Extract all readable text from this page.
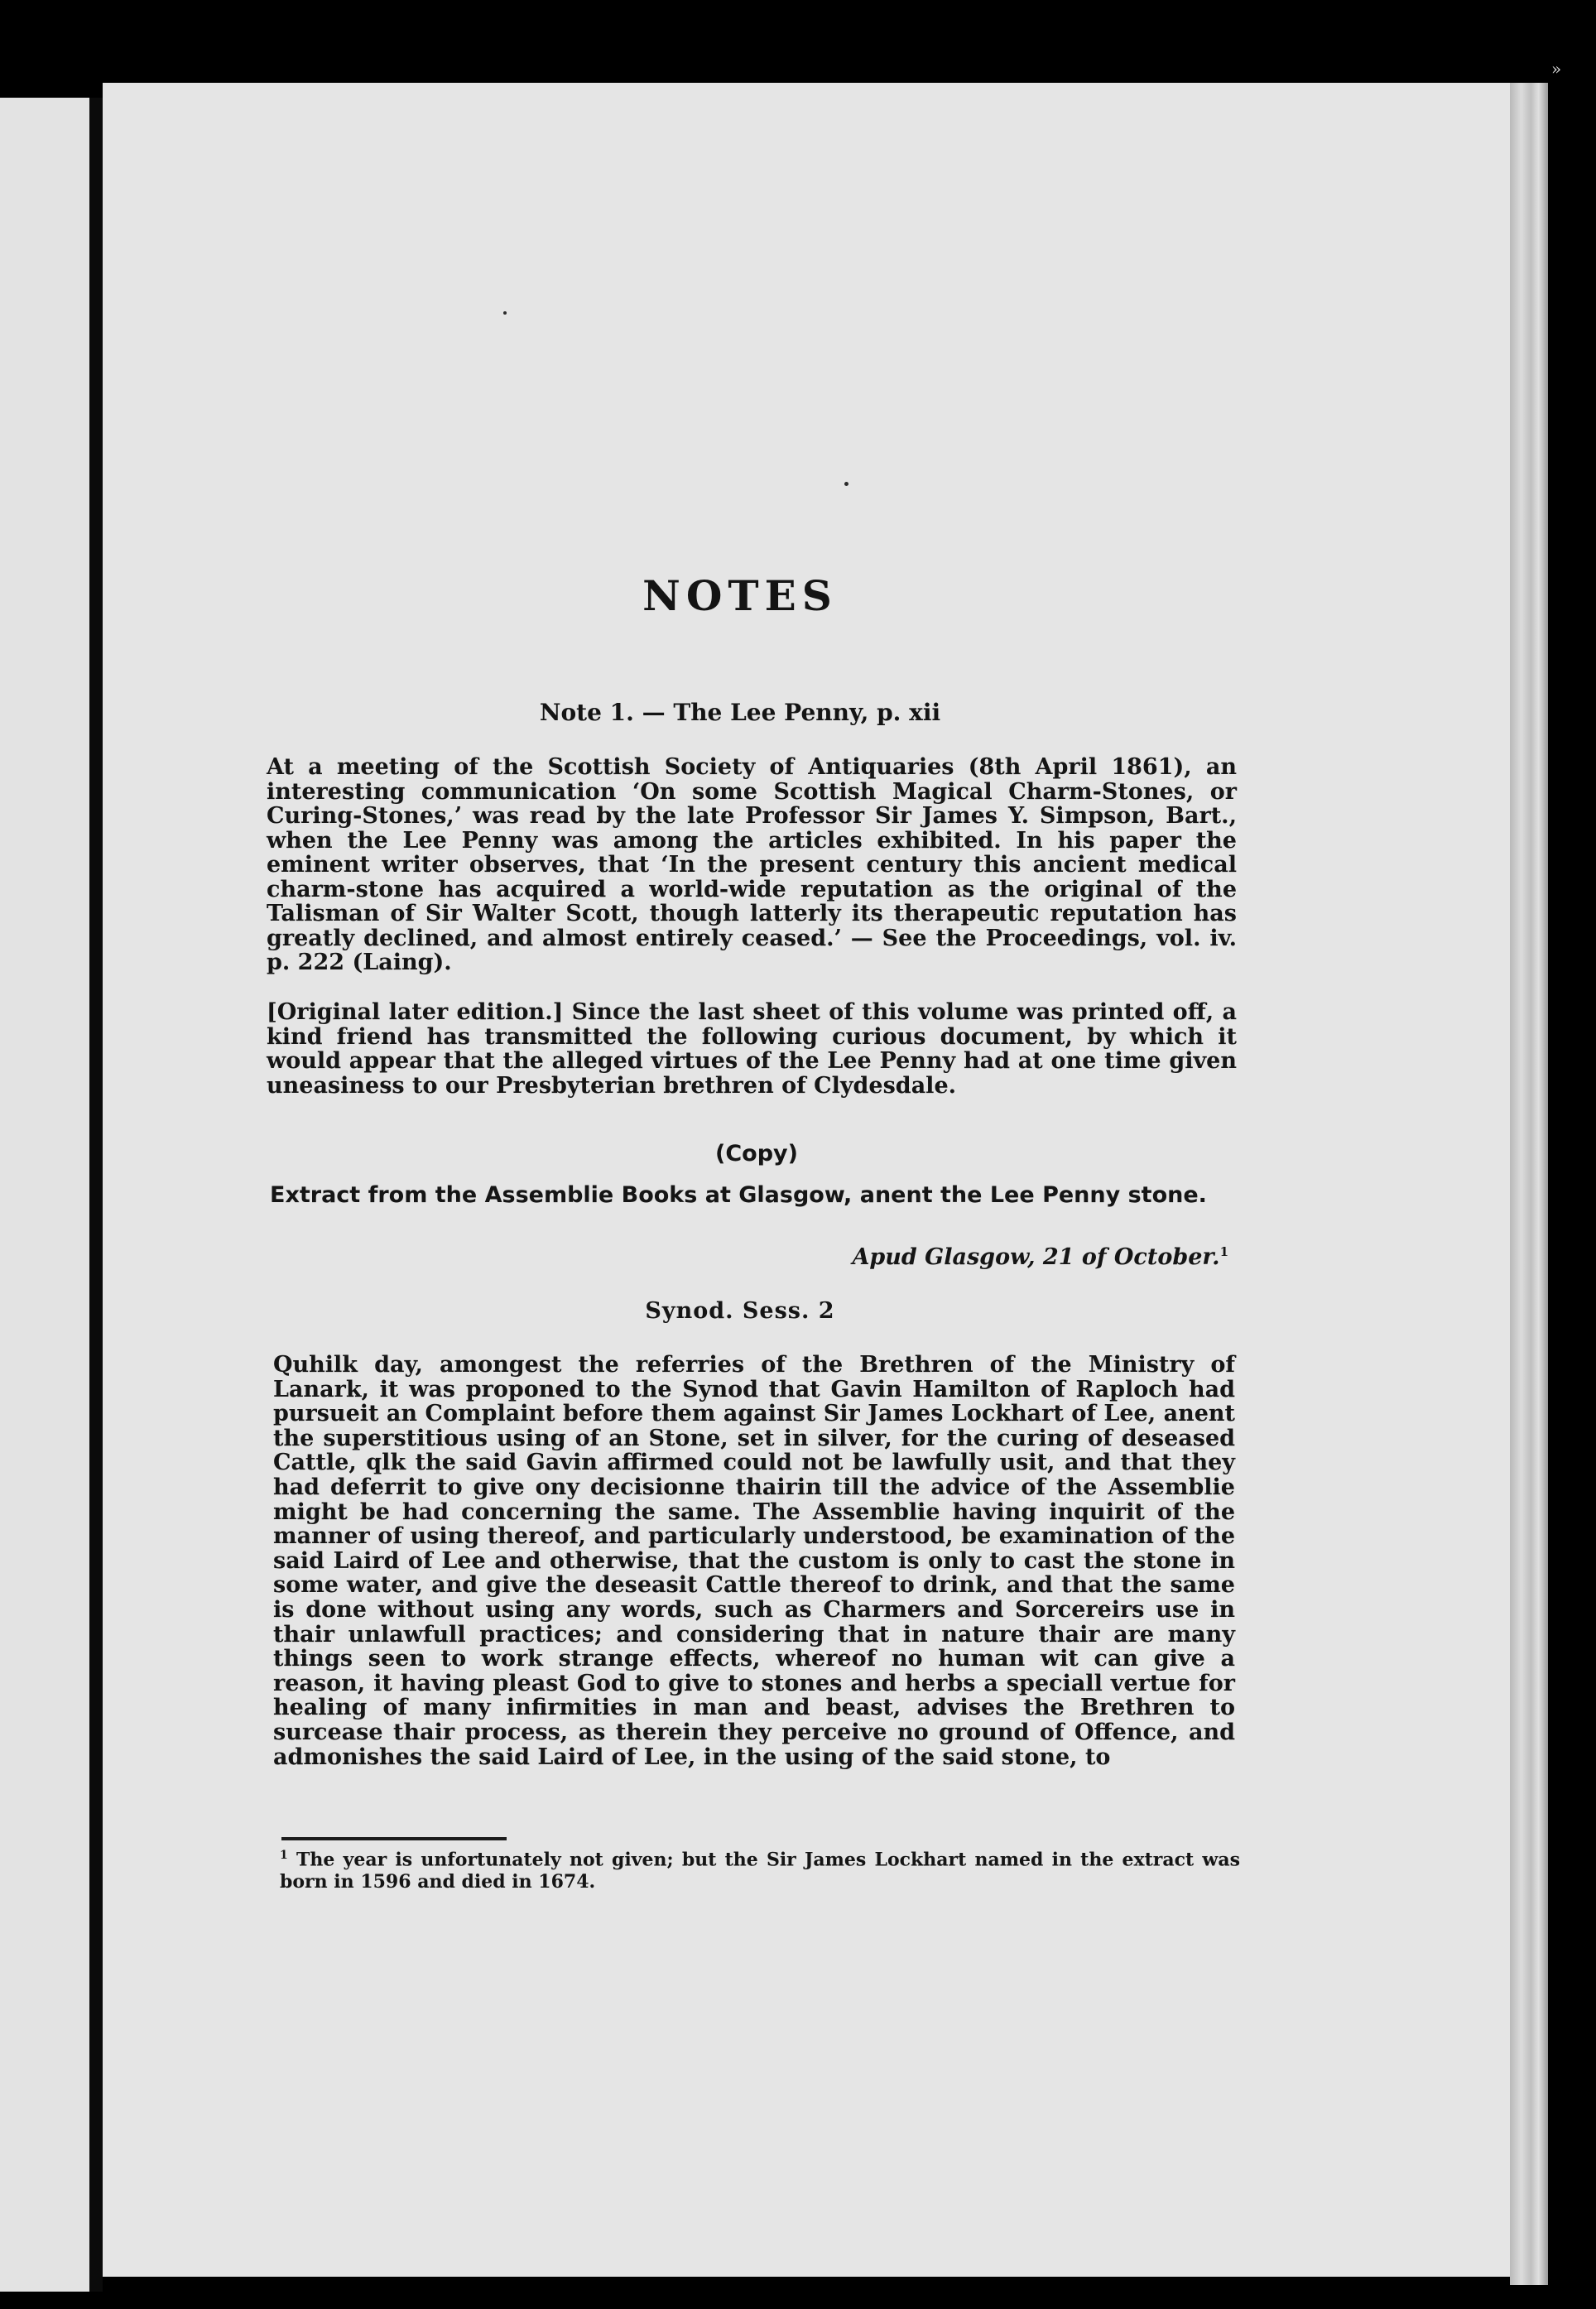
NOTES
Note 1. — The Lee Penny, p. xii

At a meeting of the Scottish Society of Antiquaries (8th April 1861), an interesting communication ‘On some Scottish Magical Charm-Stones, or Curing-Stones,’ was read by the late Professor Sir James Y. Simpson, Bart., when the Lee Penny was among the articles exhibited. In his paper the eminent writer observes, that ‘In the present century this ancient medical charm-stone has acquired a world-wide reputation as the original of the Talisman of Sir Walter Scott, though latterly its therapeutic reputation has greatly declined, and almost entirely ceased.’ — See the Proceedings, vol. iv. p. 222 (Laing).

[Original later edition.] Since the last sheet of this volume was printed off, a kind friend has transmitted the following curious document, by which it would appear that the alleged virtues of the Lee Penny had at one time given uneasiness to our Presbyterian brethren of Clydesdale.

(Copy)

Extract from the Assemblie Books at Glasgow, anent the Lee Penny stone.

Apud Glasgow, 21 of October.$^1$

Synod. Sess. 2

Quhilk day, amongest the referries of the Brethren of the Ministry of Lanark, it was proponed to the Synod that Gavin Hamilton of Raploch had pursueit an Complaint before them against Sir James Lockhart of Lee, anent the superstitious using of an Stone, set in silver, for the curing of deseased Cattle, qlk the said Gavin affirmed could not be lawfully usit, and that they had deferrit to give ony decisionne thairin till the advice of the Assemblie might be had concerning the same. The Assemblie having inquirit of the manner of using thereof, and particularly understood, be examination of the said Laird of Lee and otherwise, that the custom is only to cast the stone in some water, and give the deseasit Cattle thereof to drink, and that the same is done without using any words, such as Charmers and Sorcereirs use in thair unlawfull practices; and considering that in nature thair are many things seen to work strange effects, whereof no human wit can give a reason, it having pleast God to give to stones and herbs a speciall vertue for healing of many infirmities in man and beast, advises the Brethren to surcease thair process, as therein they perceive no ground of Offence, and admonishes the said Laird of Lee, in the using of the said stone, to

$^1$ The year is unfortunately not given; but the Sir James Lockhart named in the extract was born in 1596 and died in 1674.

»
